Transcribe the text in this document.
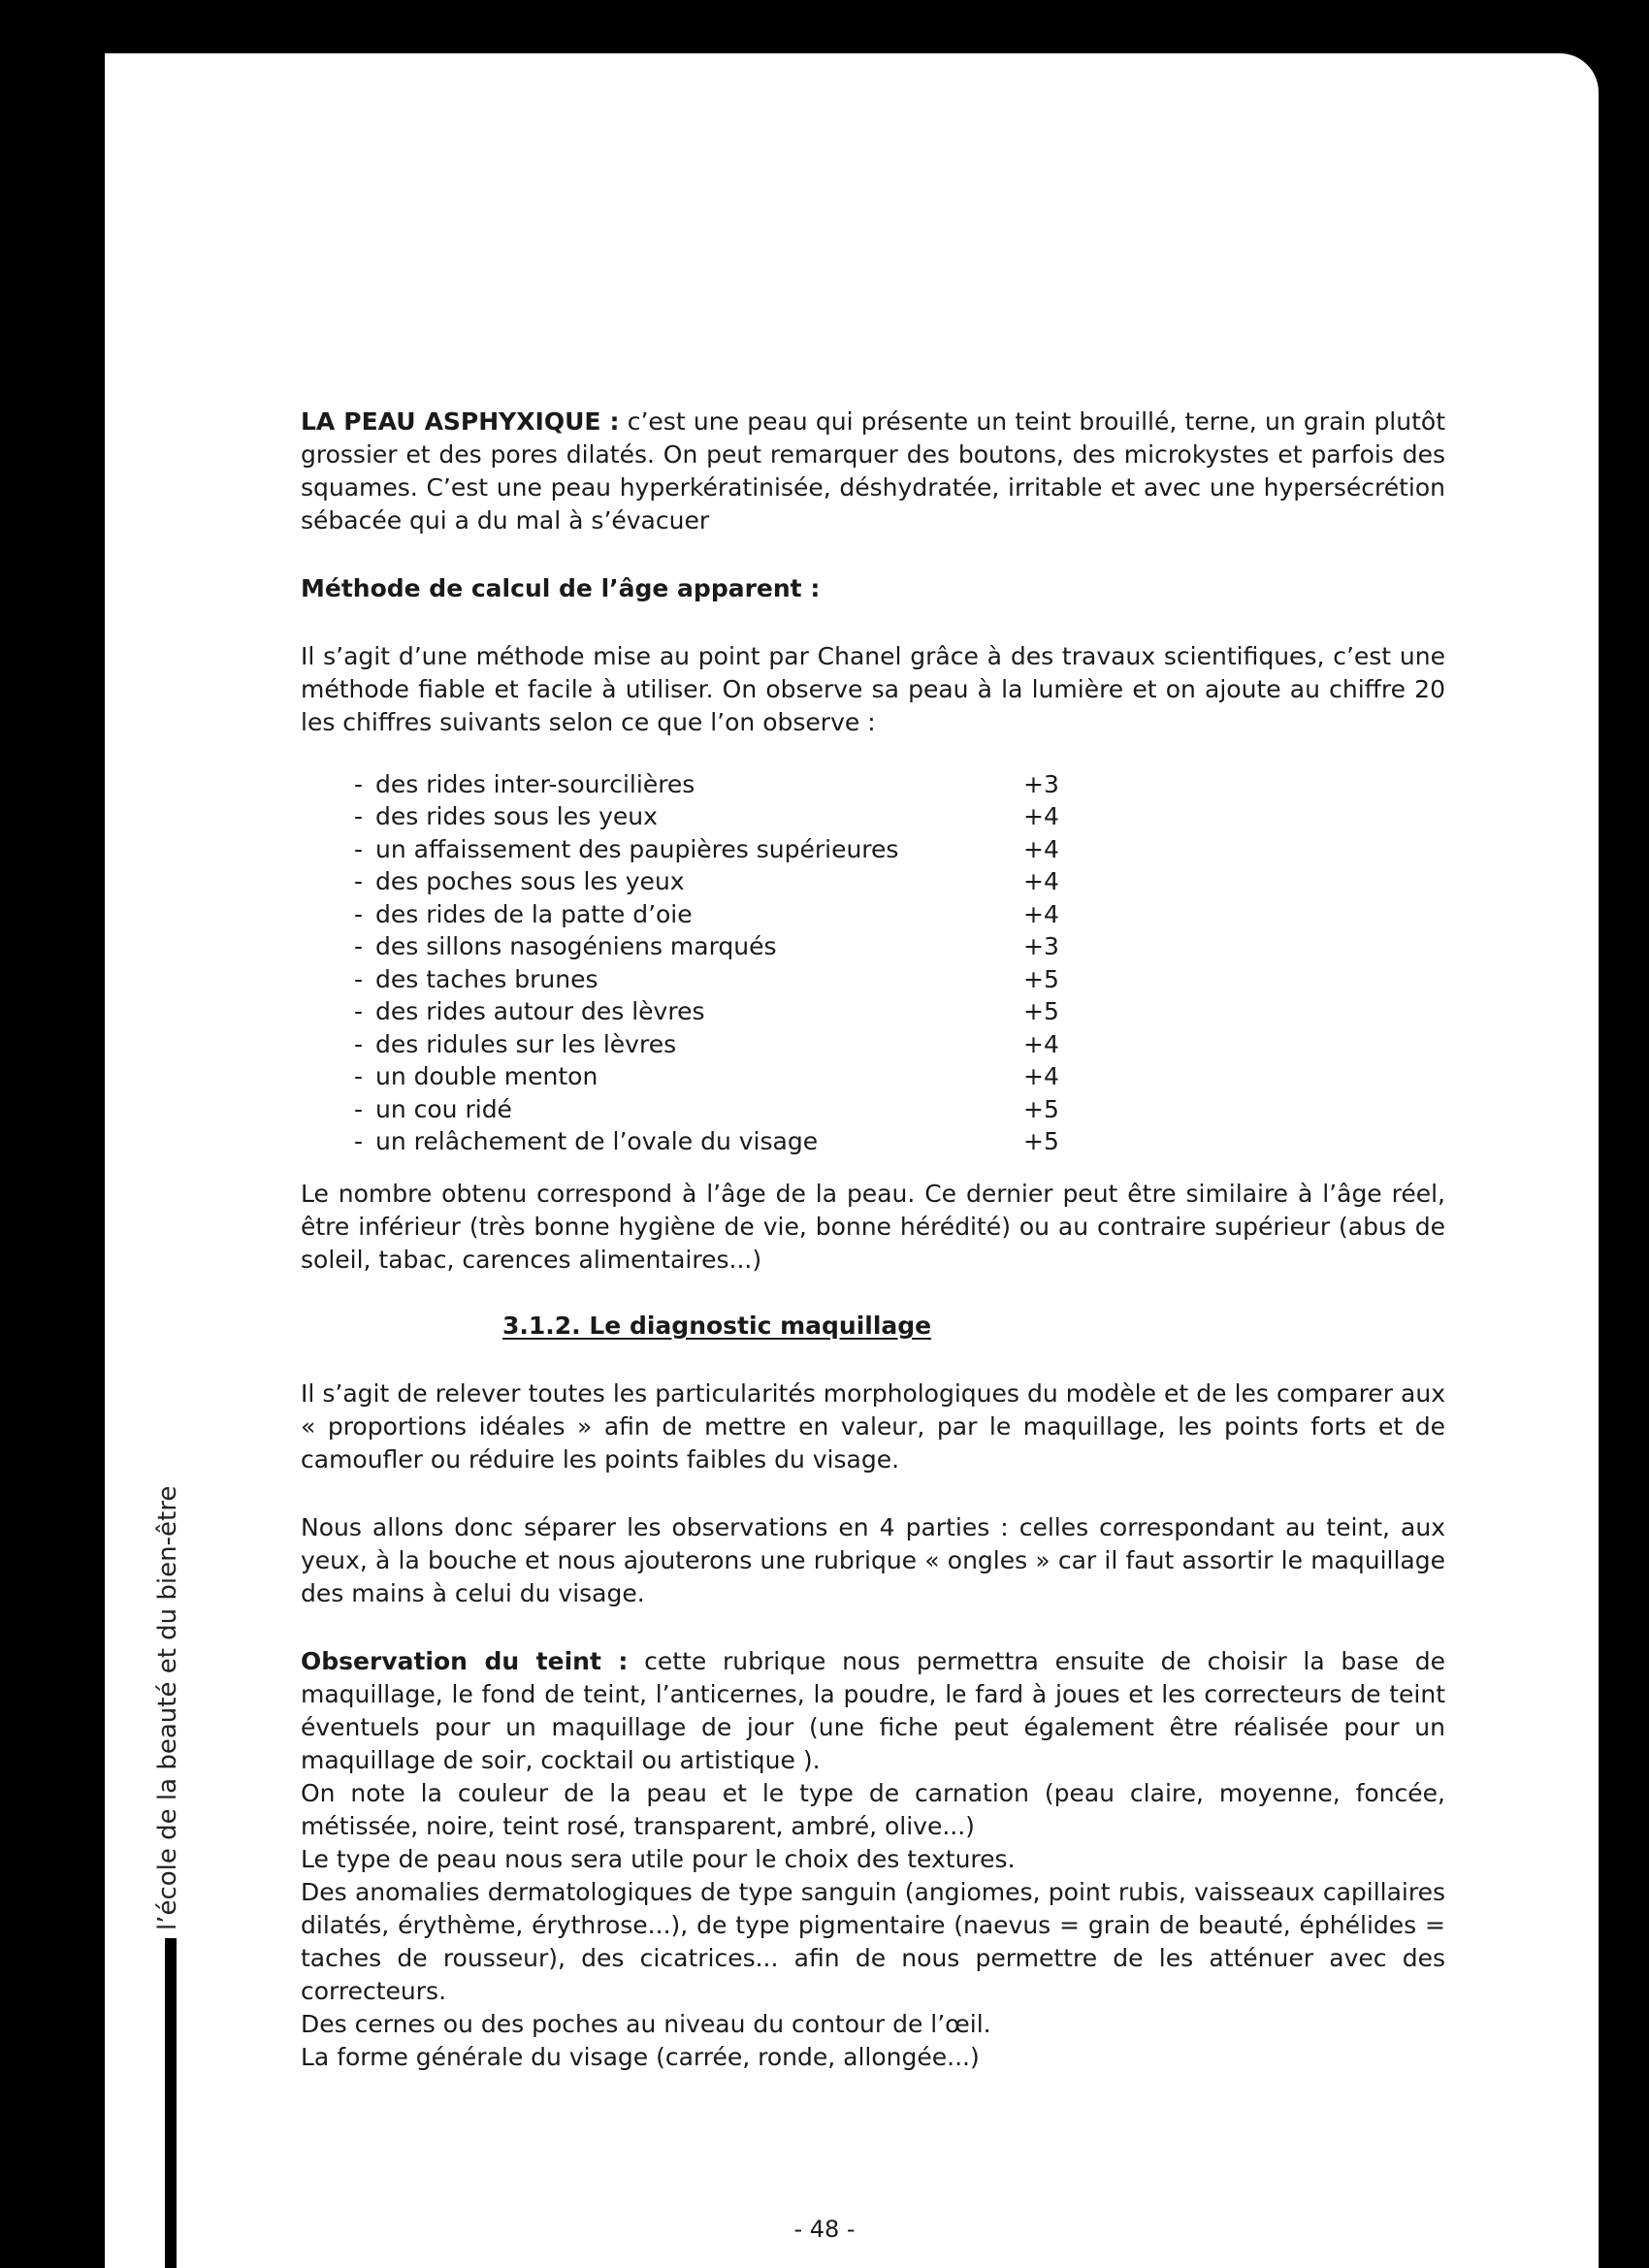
l’école de la beauté et du bien-être

LA PEAU ASPHYXIQUE : c’est une peau qui présente un teint brouillé, terne, un grain plutôt grossier et des pores dilatés. On peut remarquer des boutons, des microkystes et parfois des squames. C’est une peau hyperkératinisée, déshydratée, irritable et avec une hypersécrétion sébacée qui a du mal à s’évacuer

Méthode de calcul de l’âge apparent :

Il s’agit d’une méthode mise au point par Chanel grâce à des travaux scientifiques, c’est une méthode fiable et facile à utiliser. On observe sa peau à la lumière et on ajoute au chiffre 20 les chiffres suivants selon ce que l’on observe :

- des rides inter-sourcilières	+3
- des rides sous les yeux	+4
- un affaissement des paupières supérieures	+4
- des poches sous les yeux	+4
- des rides de la patte d’oie	+4
- des sillons nasogéniens marqués	+3
- des taches brunes	+5
- des rides autour des lèvres	+5
- des ridules sur les lèvres	+4
- un double menton	+4
- un cou ridé	+5
- un relâchement de l’ovale du visage	+5

Le nombre obtenu correspond à l’âge de la peau. Ce dernier peut être similaire à l’âge réel, être inférieur (très bonne hygiène de vie, bonne hérédité) ou au contraire supérieur (abus de soleil, tabac, carences alimentaires...)

3.1.2. Le diagnostic maquillage

Il s’agit de relever toutes les particularités morphologiques du modèle et de les comparer aux « proportions idéales » afin de mettre en valeur, par le maquillage, les points forts et de camoufler ou réduire les points faibles du visage.

Nous allons donc séparer les observations en 4 parties : celles correspondant au teint, aux yeux, à la bouche et nous ajouterons une rubrique « ongles » car il faut assortir le maquillage des mains à celui du visage.

Observation du teint : cette rubrique nous permettra ensuite de choisir la base de maquillage, le fond de teint, l’anticernes, la poudre, le fard à joues et les correcteurs de teint éventuels pour un maquillage de jour (une fiche peut également être réalisée pour un maquillage de soir, cocktail ou artistique ).

On note la couleur de la peau et le type de carnation (peau claire, moyenne, foncée, métissée, noire, teint rosé, transparent, ambré, olive...)

Le type de peau nous sera utile pour le choix des textures.

Des anomalies dermatologiques de type sanguin (angiomes, point rubis, vaisseaux capillaires dilatés, érythème, érythrose...), de type pigmentaire (naevus = grain de beauté, éphélides = taches de rousseur), des cicatrices... afin de nous permettre de les atténuer avec des correcteurs.

Des cernes ou des poches au niveau du contour de l’œil.

La forme générale du visage (carrée, ronde, allongée...)

- 48 -
